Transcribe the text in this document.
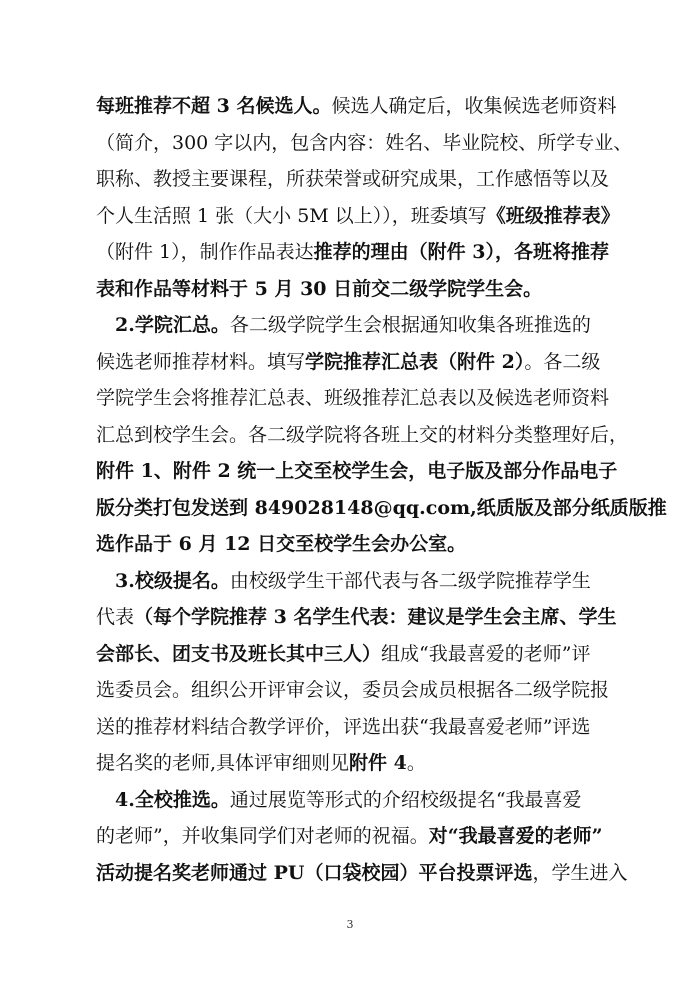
每班推荐不超 3 名候选人。候选人确定后，收集候选老师资料
（简介，300 字以内，包含内容：姓名、毕业院校、所学专业、
职称、教授主要课程，所获荣誉或研究成果，工作感悟等以及
个人生活照 1 张（大小 5M 以上）），班委填写《班级推荐表》
（附件 1），制作作品表达推荐的理由（附件 3），各班将推荐
表和作品等材料于 5 月 30 日前交二级学院学生会。
　2.学院汇总。各二级学院学生会根据通知收集各班推选的
候选老师推荐材料。填写学院推荐汇总表（附件 2）。各二级
学院学生会将推荐汇总表、班级推荐汇总表以及候选老师资料
汇总到校学生会。各二级学院将各班上交的材料分类整理好后，
附件 1、附件 2 统一上交至校学生会，电子版及部分作品电子
版分类打包发送到 849028148@qq.com,纸质版及部分纸质版推
选作品于 6 月 12 日交至校学生会办公室。
　3.校级提名。由校级学生干部代表与各二级学院推荐学生
代表（每个学院推荐 3 名学生代表：建议是学生会主席、学生
会部长、团支书及班长其中三人）组成“我最喜爱的老师”评
选委员会。组织公开评审会议，委员会成员根据各二级学院报
送的推荐材料结合教学评价，评选出获“我最喜爱老师”评选
提名奖的老师,具体评审细则见附件 4。
　4.全校推选。通过展览等形式的介绍校级提名“我最喜爱
的老师”，并收集同学们对老师的祝福。对“我最喜爱的老师”
活动提名奖老师通过 PU（口袋校园）平台投票评选，学生进入
3
